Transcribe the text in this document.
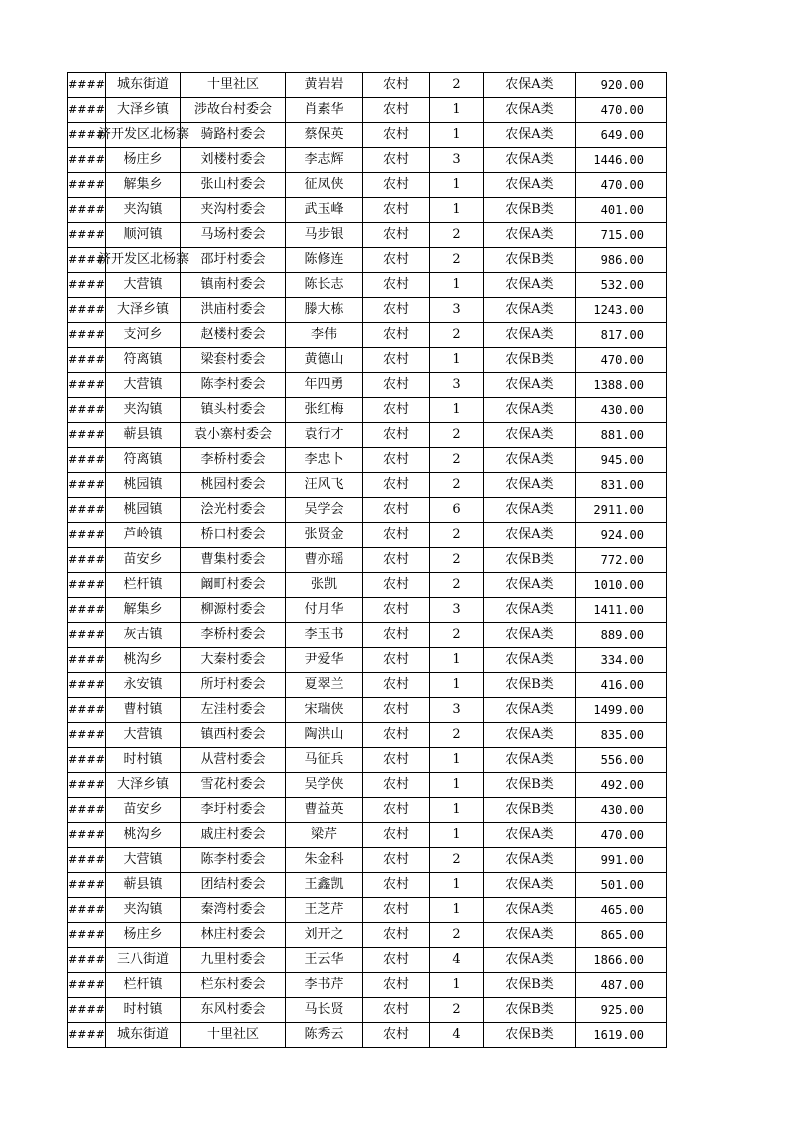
####	城东街道	十里社区	黄岩岩	农村	2	农保A类	920.00
####	大泽乡镇	涉故台村委会	肖素华	农村	1	农保A类	470.00
####	济开发区北杨寨	骑路村委会	蔡保英	农村	1	农保A类	649.00
####	杨庄乡	刘楼村委会	李志辉	农村	3	农保A类	1446.00
####	解集乡	张山村委会	征凤侠	农村	1	农保A类	470.00
####	夹沟镇	夹沟村委会	武玉峰	农村	1	农保B类	401.00
####	顺河镇	马场村委会	马步银	农村	2	农保A类	715.00
####	济开发区北杨寨	邵圩村委会	陈修连	农村	2	农保B类	986.00
####	大营镇	镇南村委会	陈长志	农村	1	农保A类	532.00
####	大泽乡镇	洪庙村委会	滕大栋	农村	3	农保A类	1243.00
####	支河乡	赵楼村委会	李伟	农村	2	农保A类	817.00
####	符离镇	梁套村委会	黄德山	农村	1	农保B类	470.00
####	大营镇	陈李村委会	年四勇	农村	3	农保A类	1388.00
####	夹沟镇	镇头村委会	张红梅	农村	1	农保A类	430.00
####	蕲县镇	袁小寨村委会	袁行才	农村	2	农保A类	881.00
####	符离镇	李桥村委会	李忠卜	农村	2	农保A类	945.00
####	桃园镇	桃园村委会	汪风飞	农村	2	农保A类	831.00
####	桃园镇	浍光村委会	吴学会	农村	6	农保A类	2911.00
####	芦岭镇	桥口村委会	张贤金	农村	2	农保A类	924.00
####	苗安乡	曹集村委会	曹亦瑶	农村	2	农保B类	772.00
####	栏杆镇	阚町村委会	张凯	农村	2	农保A类	1010.00
####	解集乡	柳源村委会	付月华	农村	3	农保A类	1411.00
####	灰古镇	李桥村委会	李玉书	农村	2	农保A类	889.00
####	桃沟乡	大秦村委会	尹爱华	农村	1	农保A类	334.00
####	永安镇	所圩村委会	夏翠兰	农村	1	农保B类	416.00
####	曹村镇	左洼村委会	宋瑞侠	农村	3	农保A类	1499.00
####	大营镇	镇西村委会	陶洪山	农村	2	农保A类	835.00
####	时村镇	从营村委会	马征兵	农村	1	农保A类	556.00
####	大泽乡镇	雪花村委会	吴学侠	农村	1	农保B类	492.00
####	苗安乡	李圩村委会	曹益英	农村	1	农保B类	430.00
####	桃沟乡	戚庄村委会	梁芹	农村	1	农保A类	470.00
####	大营镇	陈李村委会	朱金科	农村	2	农保A类	991.00
####	蕲县镇	团结村委会	王鑫凯	农村	1	农保A类	501.00
####	夹沟镇	秦湾村委会	王芝芹	农村	1	农保A类	465.00
####	杨庄乡	林庄村委会	刘开之	农村	2	农保A类	865.00
####	三八街道	九里村委会	王云华	农村	4	农保A类	1866.00
####	栏杆镇	栏东村委会	李书芹	农村	1	农保B类	487.00
####	时村镇	东风村委会	马长贤	农村	2	农保B类	925.00
####	城东街道	十里社区	陈秀云	农村	4	农保B类	1619.00
